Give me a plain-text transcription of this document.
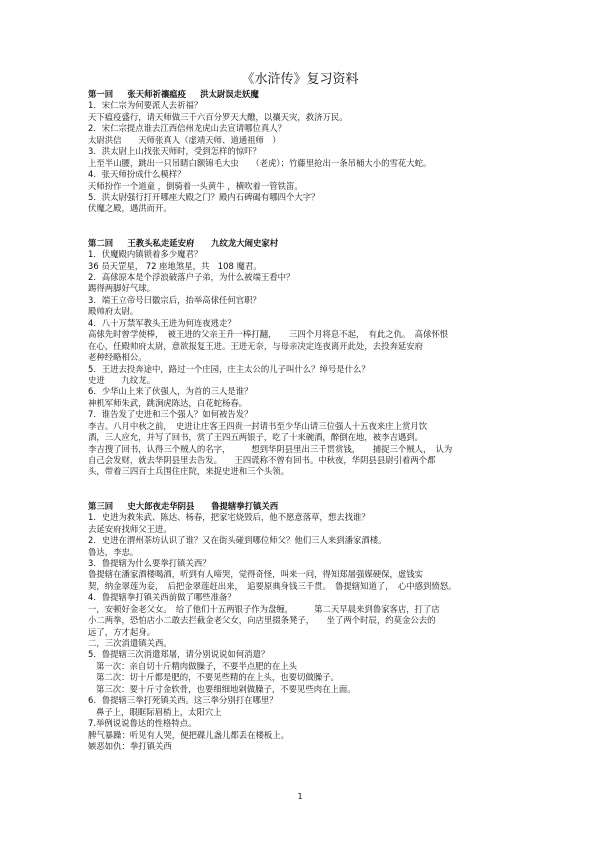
《水浒传》复习资料
第一回　  张天师祈禳瘟疫　  洪太尉误走妖魔
1．宋仁宗为何要派人去祈福？
天下瘟疫盛行，请天师做三千六百分罗天大醮，以禳天灾，救济万民。
2．宋仁宗提点谁去江西信州龙虎山去宣请哪位真人？
太尉洪信　　天师张真人（虚靖天师、道通祖师　）
3．洪太尉上山找张天师时，受到怎样的惊吓？
上至半山腰，跳出一只吊睛白额锦毛大虫　　（老虎）；竹藤里抢出一条吊桶大小的雪花大蛇。
4．张天师扮成什么模样？
天师扮作一个道童 ，倒骑着一头黄牛 ，横吹着一管铁笛。
5．洪太尉强行打开哪座大殿之门？殿内石碑碣有哪四个大字？
伏魔之殿，遇洪而开。
第二回　  王教头私走延安府　　九纹龙大闹史家村
1．伏魔殿内镇锁着多少魔君？
36 员天罡星， 72 座地煞星，共　108 魔君。
2．高俅原本是个浮浪破落户子弟，为什么被端王看中？
踢得两脚好气球。
3．端王立帝号曰徽宗后，抬举高俅任何官职？
殿帅府太尉。
4．八十万禁军教头王进为何连夜逃走？
高俅先时曾学使棒，　被王进的父亲王升一棒打翻，　　三四个月将息不起，　有此之仇。　高俅怀恨
在心，任殿帅府太尉，意欲报复王进。王进无奈，与母亲决定连夜离开此处，去投奔延安府
老种经略相公。
5．王进去投奔途中，路过一个庄园，庄主太公的儿子叫什么？绰号是什么？
史进　　九纹龙。
6．少华山上来了伙强人，为首的三人是谁？
神机军师朱武，跳涧虎陈达，白花蛇杨春。
7．谁告发了史进和三个强人？如何被告发？
李吉。八月中秋之前，　史进让庄客王四贵一封请书至少华山请三位强人十五夜来庄上赏月饮
酒，三人应允，并写了回书，赏了王四五两银子，吃了十来碗酒，醉倒在地，被李吉遇到。
李吉搜了回书，认得三个贼人的名字，　　　想到华阴县里出三千贯赏钱，　　捕捉三个贼人，　认为
自己会发财，就去华阴县里去告发。　　王四谎称不曾有回书。中秋夜，华阴县县尉引着两个都
头，带着三四百士兵围住庄院，来捉史进和三个头领。
第三回　  史大郎夜走华阴县　　鲁提辖拳打镇关西
1．史进为救朱武、陈达、杨春，把家宅烧毁后，他不愿意落草，想去找谁？
去延安府找师父王进。
2．史进在渭州茶坊认识了谁？又在街头碰到哪位师父？他们三人来到潘家酒楼。
鲁达，李忠。
3．鲁提辖为什么要拳打镇关西？
鲁提辖在潘家酒楼喝酒，听到有人啼哭，觉得奇怪，叫来一问，得知郑屠强媒硬保，虚钱实
契，纳金翠莲为妾，　后把金翠莲赶出来，　追要原典身钱三千贯。　鲁提辖知道了，　心中感到愤怒。
4．鲁提辖拳打镇关西前做了哪些准备？
一，安顿好金老父女。　给了他们十五两银子作为盘缠，　　　第二天早晨来到鲁家客店，打了店
小二两拳，恐怕店小二敢去拦截金老父女，向店里掇条凳子，　　坐了两个时辰，约莫金公去的
远了，方才起身。
二，三次消遣镇关西。
5．鲁提辖三次消遣郑屠，请分别说说如何消遣？
第一次：亲自切十斤精肉做臊子，不要半点肥的在上头
第二次：切十斤都是肥的，不要见些精的在上头，也要切做臊子。
第三次：要十斤寸金软骨，也要细细地剁做臊子，不要见些肉在上面。
6．鲁提辖三拳打死镇关西。这三拳分别打在哪里？
鼻子上，眼眶际眉梢上，太阳穴上
7.举例说说鲁达的性格特点。
脾气暴躁：听见有人哭，便把碟儿盏儿都丢在楼板上。
嫉恶如仇：拳打镇关西
1
